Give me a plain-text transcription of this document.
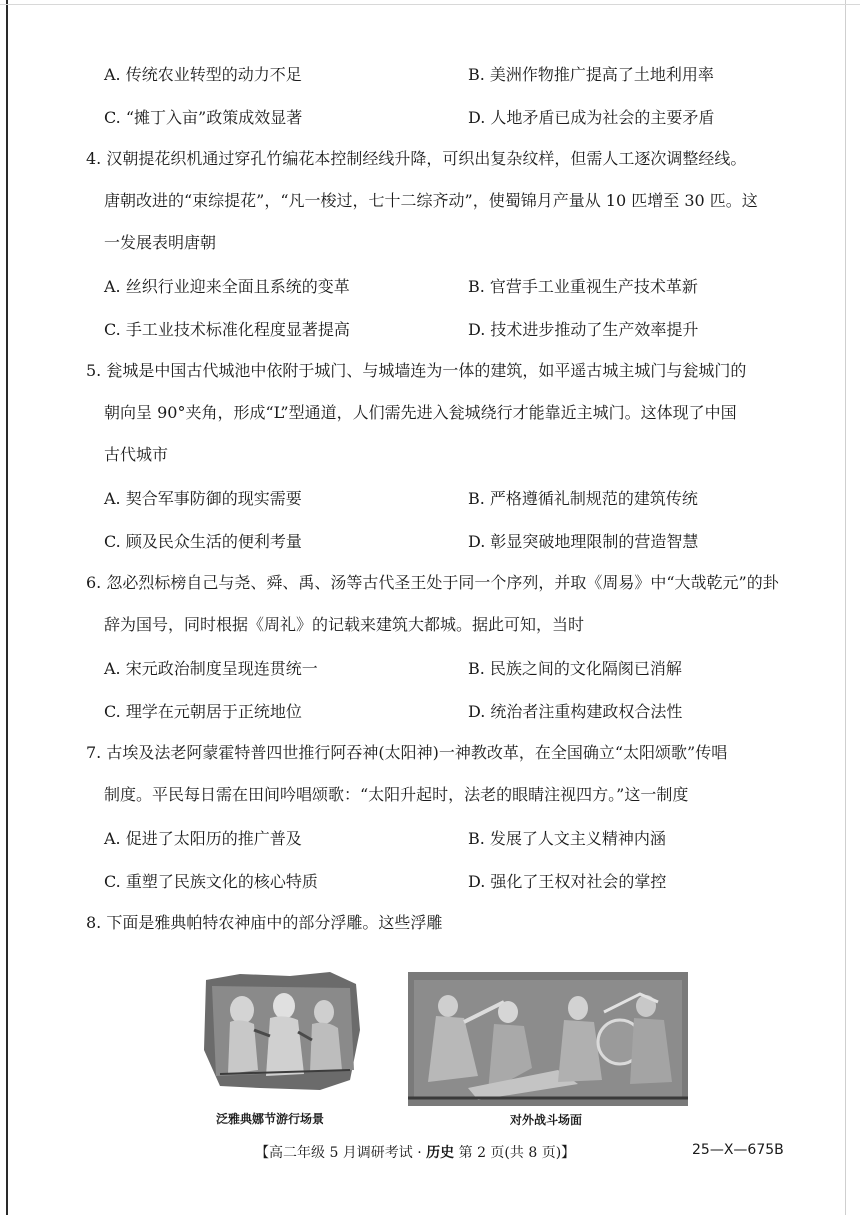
A. 传统农业转型的动力不足	B. 美洲作物推广提高了土地利用率
C. “摊丁入亩”政策成效显著	D. 人地矛盾已成为社会的主要矛盾

4. 汉朝提花织机通过穿孔竹编花本控制经线升降，可织出复杂纹样，但需人工逐次调整经线。
唐朝改进的“束综提花”，“凡一梭过，七十二综齐动”，使蜀锦月产量从 10 匹增至 30 匹。这
一发展表明唐朝

A. 丝织行业迎来全面且系统的变革	B. 官营手工业重视生产技术革新
C. 手工业技术标准化程度显著提高	D. 技术进步推动了生产效率提升

5. 瓮城是中国古代城池中依附于城门、与城墙连为一体的建筑，如平遥古城主城门与瓮城门的
朝向呈 90°夹角，形成“L”型通道，人们需先进入瓮城绕行才能靠近主城门。这体现了中国
古代城市

A. 契合军事防御的现实需要	B. 严格遵循礼制规范的建筑传统
C. 顾及民众生活的便利考量	D. 彰显突破地理限制的营造智慧

6. 忽必烈标榜自己与尧、舜、禹、汤等古代圣王处于同一个序列，并取《周易》中“大哉乾元”的卦
辞为国号，同时根据《周礼》的记载来建筑大都城。据此可知，当时

A. 宋元政治制度呈现连贯统一	B. 民族之间的文化隔阂已消解
C. 理学在元朝居于正统地位	D. 统治者注重构建政权合法性

7. 古埃及法老阿蒙霍特普四世推行阿吞神(太阳神)一神教改革，在全国确立“太阳颂歌”传唱
制度。平民每日需在田间吟唱颂歌：“太阳升起时，法老的眼睛注视四方。”这一制度

A. 促进了太阳历的推广普及	B. 发展了人文主义精神内涵
C. 重塑了民族文化的核心特质	D. 强化了王权对社会的掌控

8. 下面是雅典帕特农神庙中的部分浮雕。这些浮雕

泛雅典娜节游行场景	对外战斗场面
【高二年级 5 月调研考试 · 历史 第 2 页(共 8 页)】	25—X—675B
